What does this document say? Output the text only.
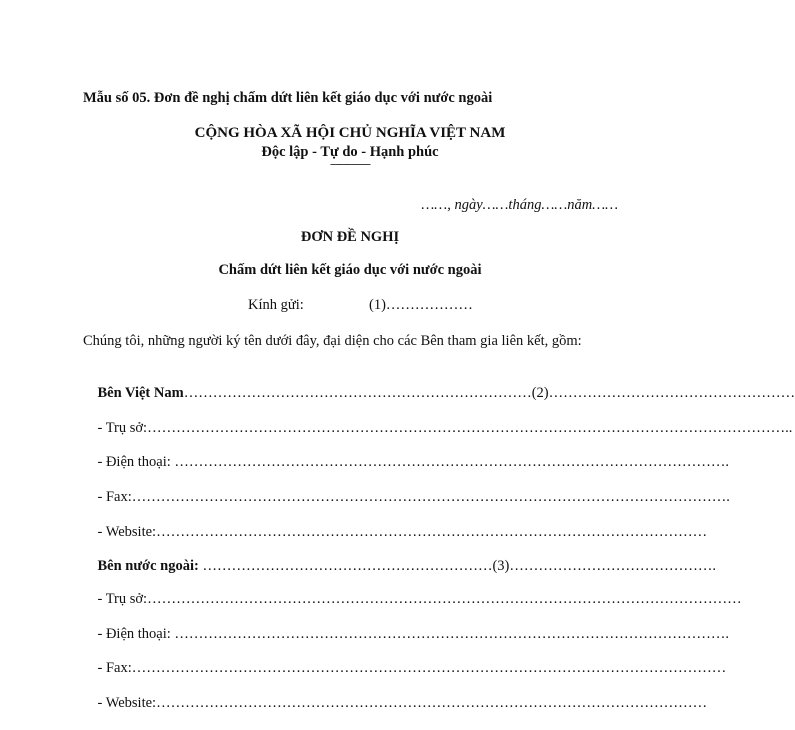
Mẫu số 05. Đơn đề nghị chấm dứt liên kết giáo dục với nước ngoài
CỘNG HÒA XÃ HỘI CHỦ NGHĨA VIỆT NAM
Độc lập - Tự do - Hạnh phúc
---------------
……, ngày……tháng……năm……
ĐƠN ĐỀ NGHỊ
Chấm dứt liên kết giáo dục với nước ngoài
Kính gửi:	(1)………………
Chúng tôi, những người ký tên dưới đây, đại diện cho các Bên tham gia liên kết, gồm:

Bên Việt Nam………………………………………………………………(2)……………………………………………

- Trụ sở:……………………………………………………………………………………………………………………..

- Điện thoại: …………………………………………………………………………………………………….

- Fax:…………………………………………………………………………………………………………….

- Website:……………………………………………………………………………………………………

Bên nước ngoài: ……………………………………………………(3)…………………………………….

- Trụ sở:……………………………………………………………………………………………………………

- Điện thoại: …………………………………………………………………………………………………….

- Fax:……………………………………………………………………………………………………………

- Website:……………………………………………………………………………………………………
